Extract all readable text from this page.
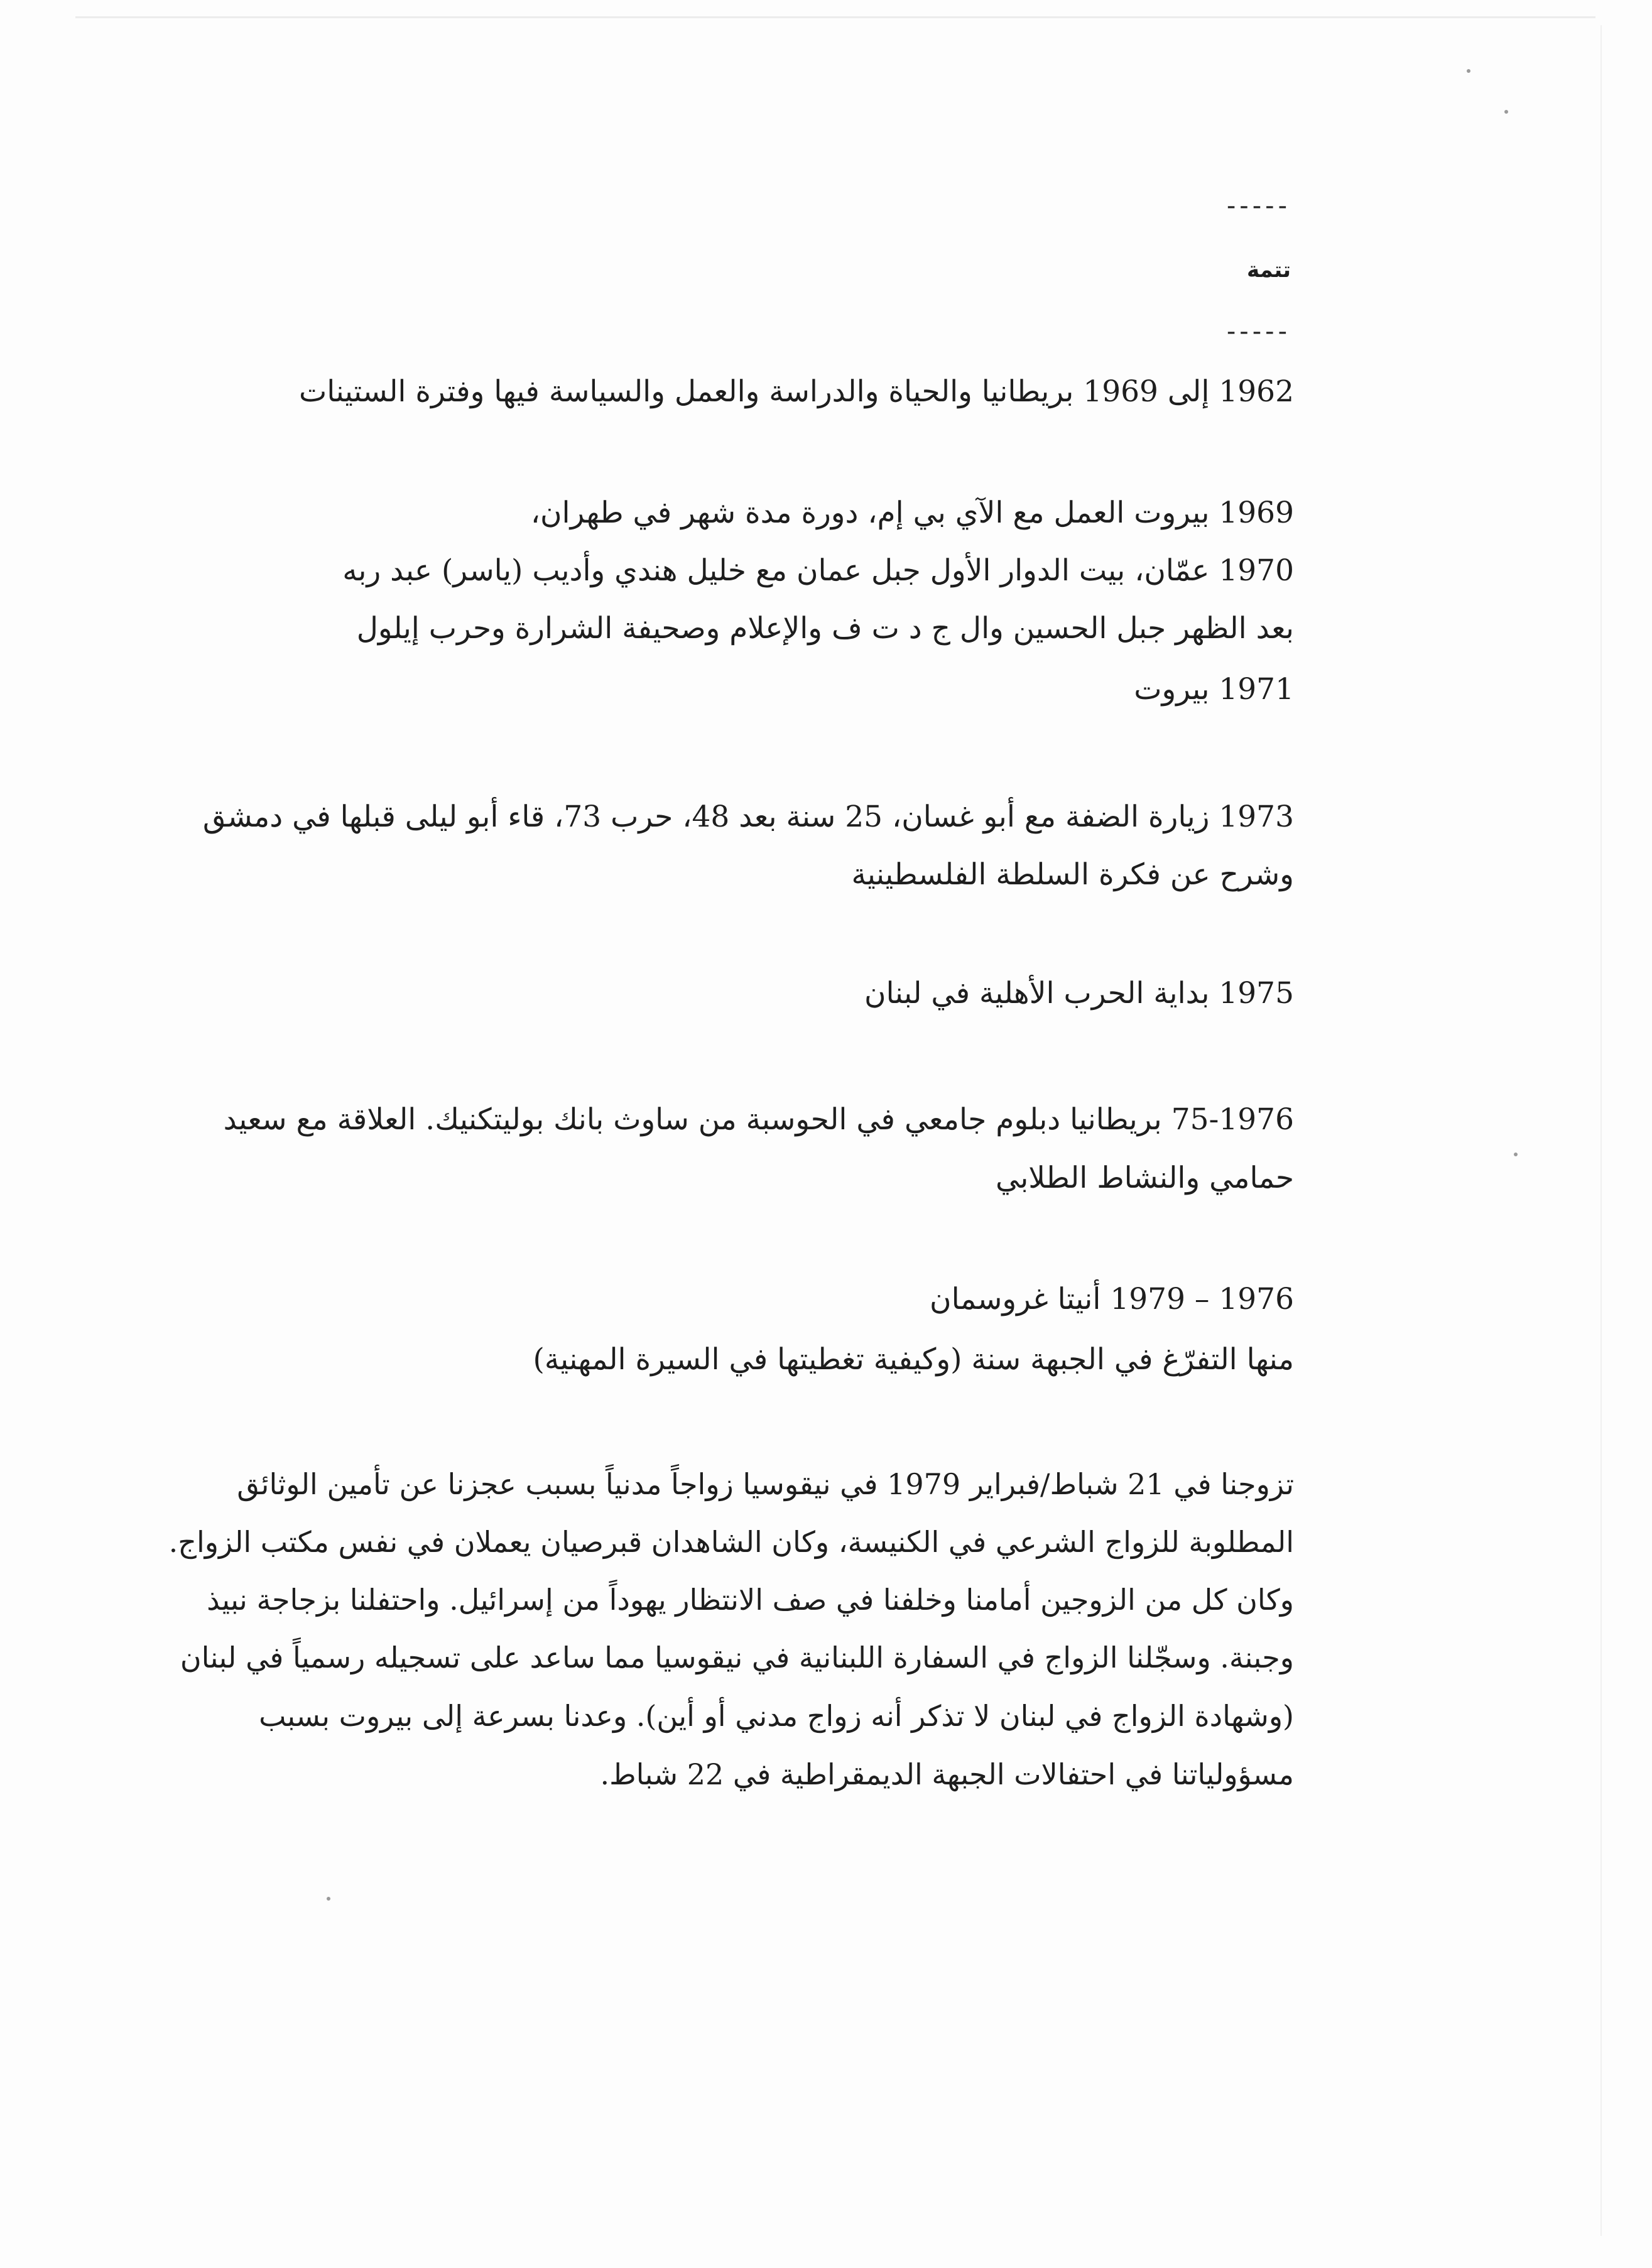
-----
تتمة
-----
1962 إلى 1969 بريطانيا والحياة والدراسة والعمل والسياسة فيها وفترة الستينات
1969 بيروت العمل مع الآي بي إم، دورة مدة شهر في طهران،
1970 عمّان، بيت الدوار الأول جبل عمان مع خليل هندي وأديب (ياسر) عبد ربه
بعد الظهر جبل الحسين وال ج د ت ف والإعلام وصحيفة الشرارة وحرب إيلول
1971 بيروت
1973 زيارة الضفة مع أبو غسان، 25 سنة بعد 48، حرب 73، قاء أبو ليلى قبلها في دمشق
وشرح عن فكرة السلطة الفلسطينية
1975 بداية الحرب الأهلية في لبنان
75-1976 بريطانيا دبلوم جامعي في الحوسبة من ساوث بانك بوليتكنيك. العلاقة مع سعيد
حمامي والنشاط الطلابي
1976 – 1979 أنيتا غروسمان
منها التفرّغ في الجبهة سنة (وكيفية تغطيتها في السيرة المهنية)
تزوجنا في 21 شباط/فبراير 1979 في نيقوسيا زواجاً مدنياً بسبب عجزنا عن تأمين الوثائق
المطلوبة للزواج الشرعي في الكنيسة، وكان الشاهدان قبرصيان يعملان في نفس مكتب الزواج.
وكان كل من الزوجين أمامنا وخلفنا في صف الانتظار يهوداً من إسرائيل. واحتفلنا بزجاجة نبيذ
وجبنة. وسجّلنا الزواج في السفارة اللبنانية في نيقوسيا مما ساعد على تسجيله رسمياً في لبنان
(وشهادة الزواج في لبنان لا تذكر أنه زواج مدني أو أين). وعدنا بسرعة إلى بيروت بسبب
مسؤولياتنا في احتفالات الجبهة الديمقراطية في 22 شباط.
